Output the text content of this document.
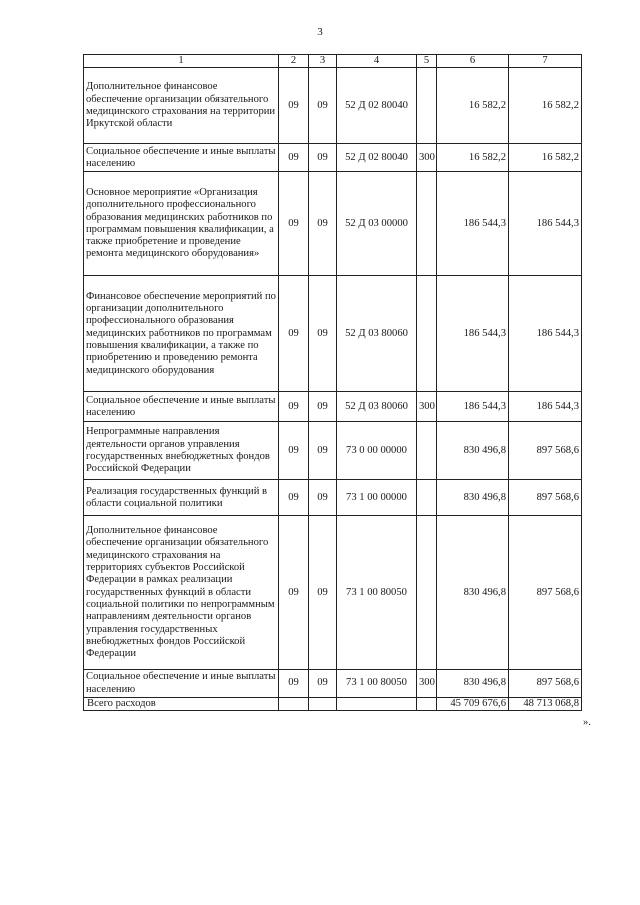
3
1	2	3	4	5	6	7
Дополнительное финансовое обеспечение организации обязательного медицинского страхования на территории Иркутской области	09	09	52 Д 02 80040		16 582,2	16 582,2
Социальное обеспечение и иные выплаты населению	09	09	52 Д 02 80040	300	16 582,2	16 582,2
Основное мероприятие «Организация дополнительного профессионального образования медицинских работников по программам повышения квалификации, а также приобретение и проведение ремонта медицинского оборудования»	09	09	52 Д 03 00000		186 544,3	186 544,3
Финансовое обеспечение мероприятий по организации дополнительного профессионального образования медицинских работников по программам повышения квалификации, а также по приобретению и проведению ремонта медицинского оборудования	09	09	52 Д 03 80060		186 544,3	186 544,3
Социальное обеспечение и иные выплаты населению	09	09	52 Д 03 80060	300	186 544,3	186 544,3
Непрограммные направления деятельности органов управления государственных внебюджетных фондов Российской Федерации	09	09	73 0 00 00000		830 496,8	897 568,6
Реализация государственных функций в области социальной политики	09	09	73 1 00 00000		830 496,8	897 568,6
Дополнительное финансовое обеспечение организации обязательного медицинского страхования на территориях субъектов Российской Федерации в рамках реализации государственных функций в области социальной политики по непрограммным направлениям деятельности органов управления государственных внебюджетных фондов Российской Федерации	09	09	73 1 00 80050		830 496,8	897 568,6
Социальное обеспечение и иные выплаты населению	09	09	73 1 00 80050	300	830 496,8	897 568,6
Всего расходов					45 709 676,6	48 713 068,8
».
